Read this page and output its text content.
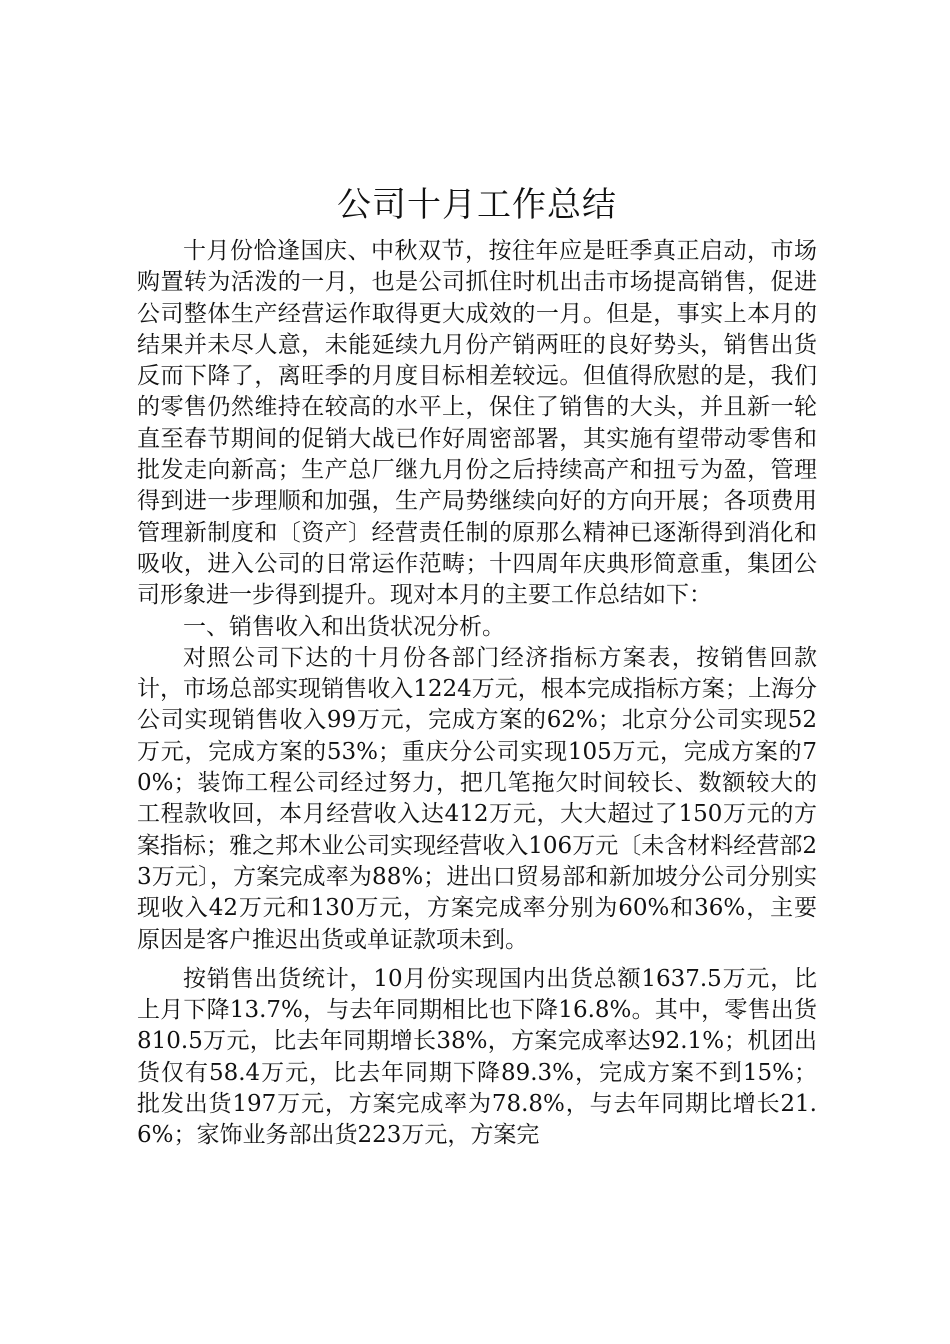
公司十月工作总结

十月份恰逢国庆、中秋双节，按往年应是旺季真正启动，市场购置转为活泼的一月，也是公司抓住时机出击市场提高销售，促进公司整体生产经营运作取得更大成效的一月。但是，事实上本月的结果并未尽人意，未能延续九月份产销两旺的良好势头，销售出货反而下降了，离旺季的月度目标相差较远。但值得欣慰的是，我们的零售仍然维持在较高的水平上，保住了销售的大头，并且新一轮直至春节期间的促销大战已作好周密部署，其实施有望带动零售和批发走向新高；生产总厂继九月份之后持续高产和扭亏为盈，管理得到进一步理顺和加强，生产局势继续向好的方向开展；各项费用管理新制度和〔资产〕经营责任制的原那么精神已逐渐得到消化和吸收，进入公司的日常运作范畴；十四周年庆典形简意重，集团公司形象进一步得到提升。现对本月的主要工作总结如下：

一、销售收入和出货状况分析。

对照公司下达的十月份各部门经济指标方案表，按销售回款计，市场总部实现销售收入1224万元，根本完成指标方案；上海分公司实现销售收入99万元，完成方案的62%；北京分公司实现52万元，完成方案的53%；重庆分公司实现105万元，完成方案的70%；装饰工程公司经过努力，把几笔拖欠时间较长、数额较大的工程款收回，本月经营收入达412万元，大大超过了150万元的方案指标；雅之邦木业公司实现经营收入106万元〔未含材料经营部23万元〕，方案完成率为88%；进出口贸易部和新加坡分公司分别实现收入42万元和130万元，方案完成率分别为60%和36%，主要原因是客户推迟出货或单证款项未到。

按销售出货统计，10月份实现国内出货总额1637.5万元，比上月下降13.7%，与去年同期相比也下降16.8%。其中，零售出货810.5万元，比去年同期增长38%，方案完成率达92.1%；机团出货仅有58.4万元，比去年同期下降89.3%，完成方案不到15%；批发出货197万元，方案完成率为78.8%，与去年同期比增长21.6%；家饰业务部出货223万元，方案完
